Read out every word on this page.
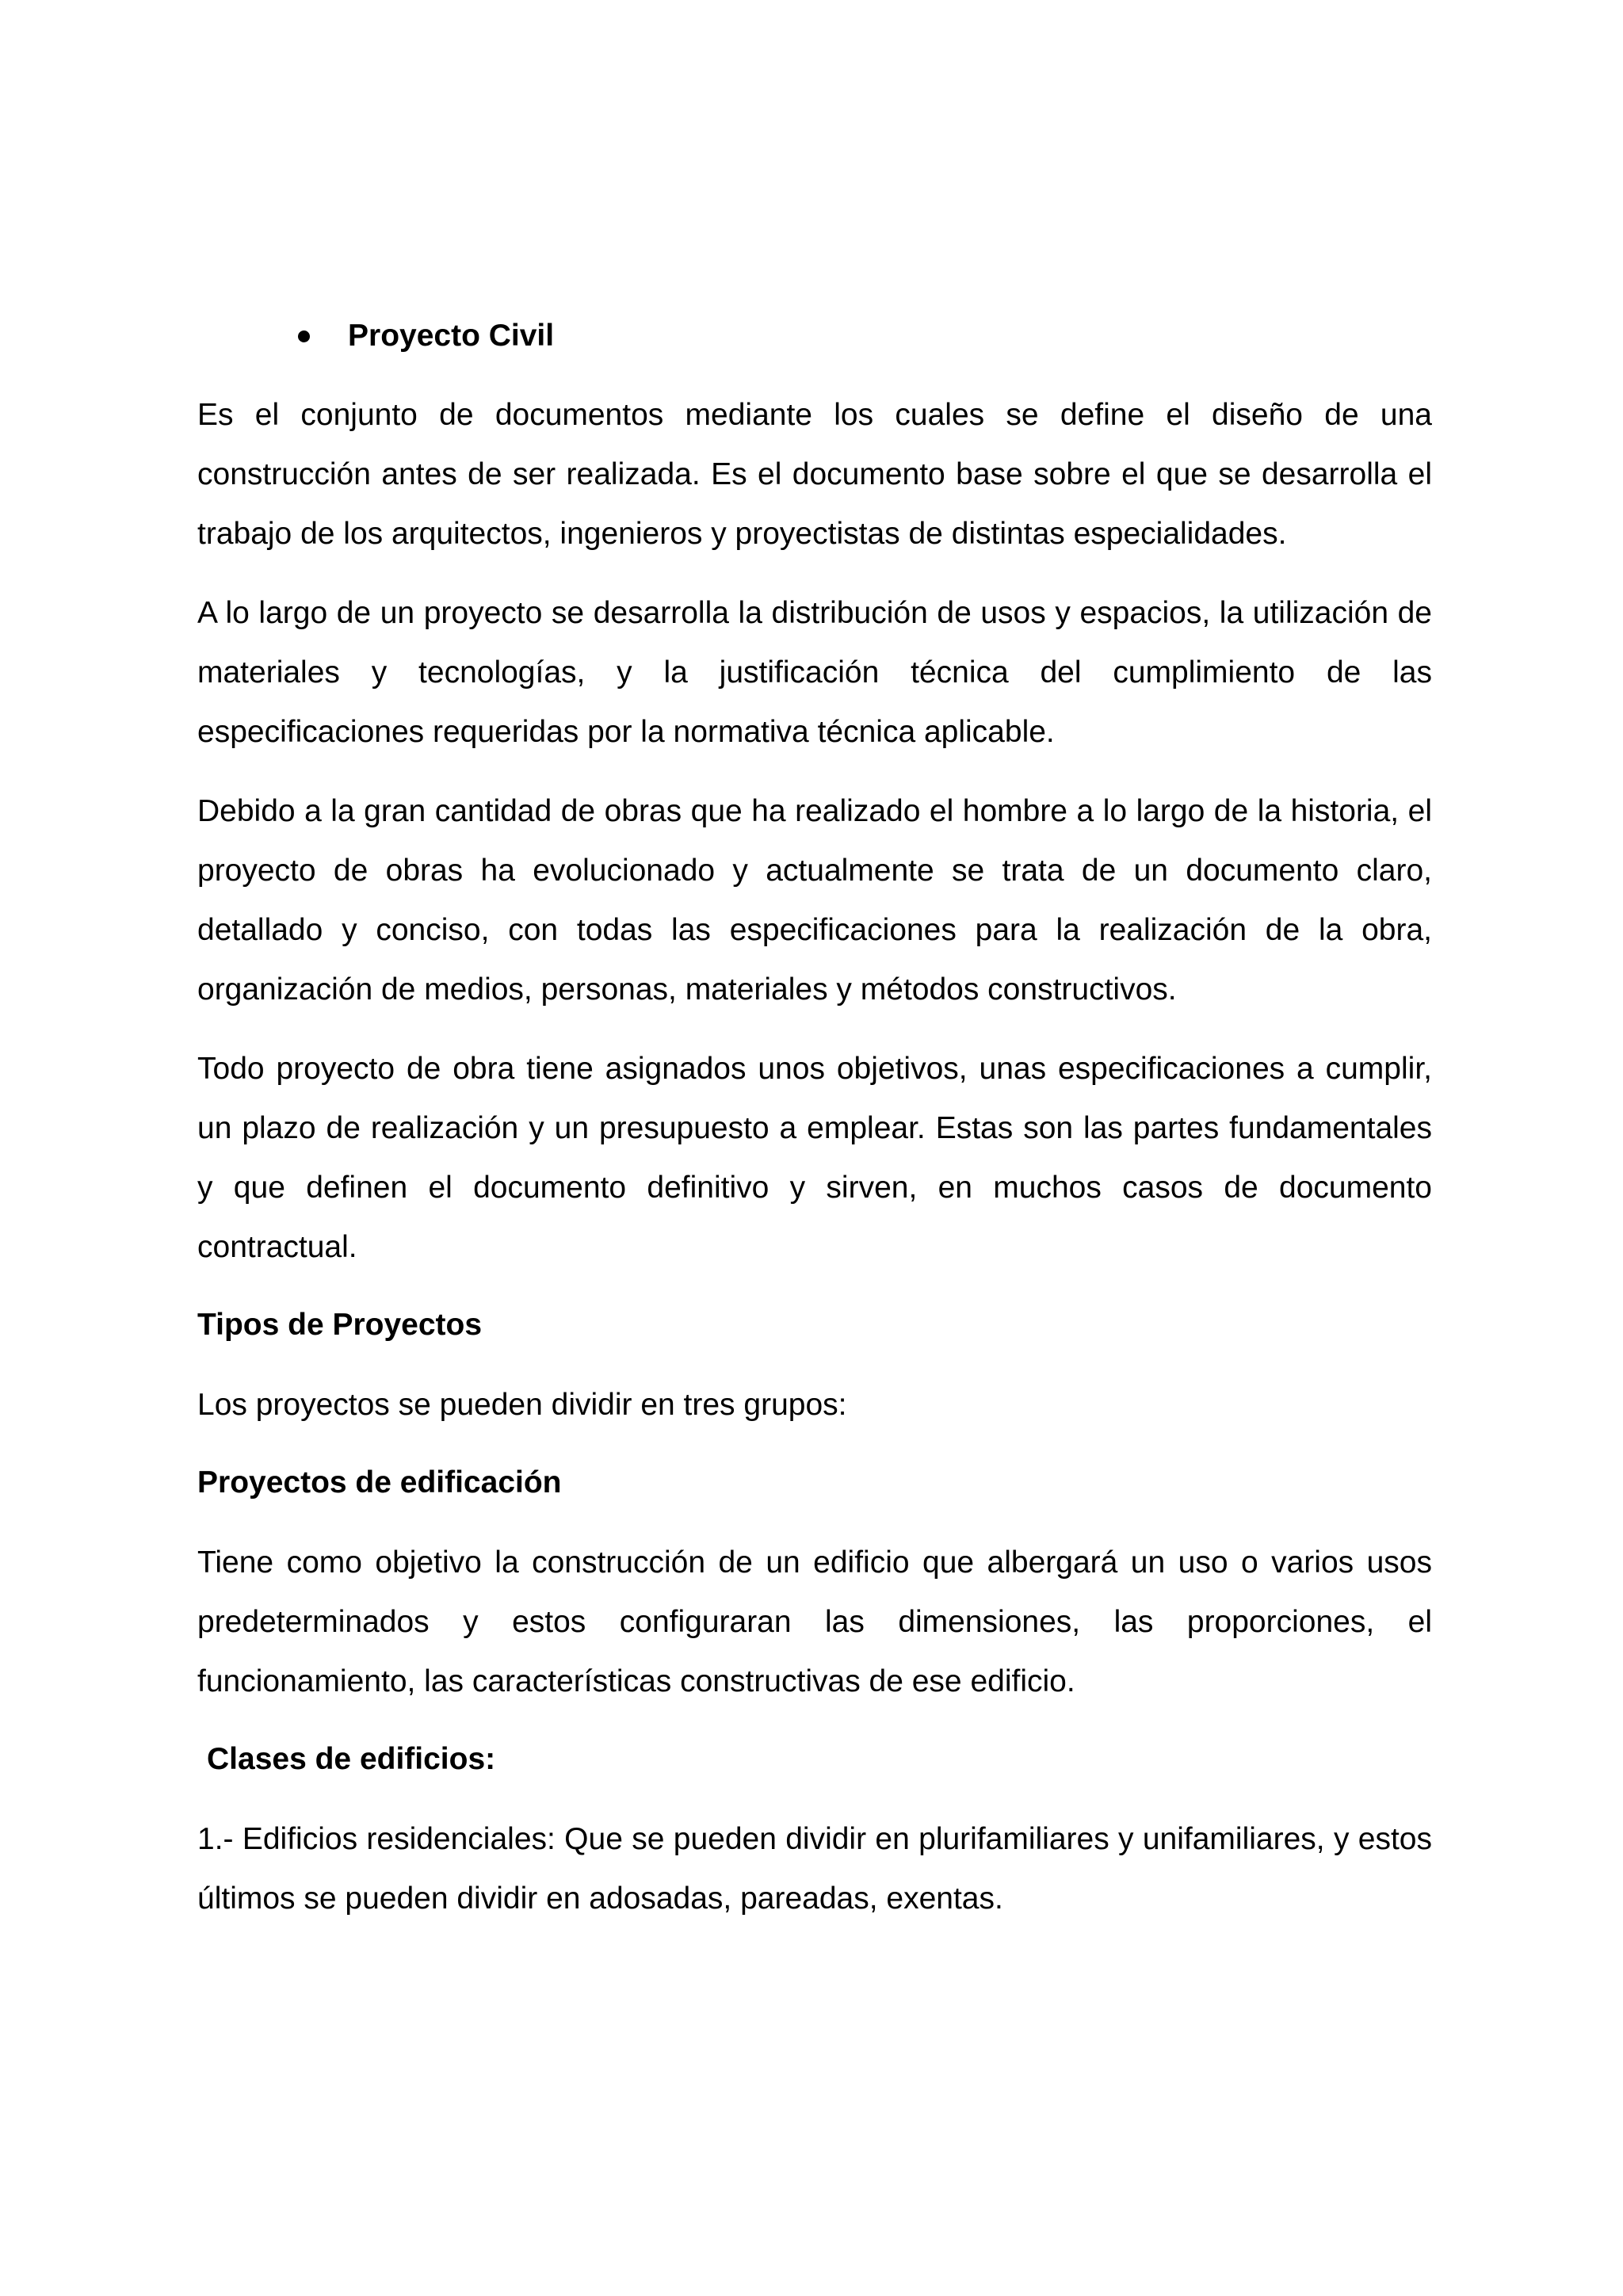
Proyecto Civil

Es el conjunto de documentos mediante los cuales se define el diseño de una construcción antes de ser realizada. Es el documento base sobre el que se desarrolla el trabajo de los arquitectos, ingenieros y proyectistas de distintas especialidades.

A lo largo de un proyecto se desarrolla la distribución de usos y espacios, la utilización de materiales y tecnologías, y la justificación técnica del cumplimiento de las especificaciones requeridas por la normativa técnica aplicable.

Debido a la gran cantidad de obras que ha realizado el hombre a lo largo de la historia, el proyecto de obras ha evolucionado y actualmente se trata de un documento claro, detallado y conciso, con todas las especificaciones para la realización de la obra, organización de medios, personas, materiales y métodos constructivos.

Todo proyecto de obra tiene asignados unos objetivos, unas especificaciones a cumplir, un plazo de realización y un presupuesto a emplear. Estas son las partes fundamentales y que definen el documento definitivo y sirven, en muchos casos de documento contractual.

Tipos de Proyectos

Los proyectos se pueden dividir en tres grupos:

Proyectos de edificación

Tiene como objetivo la construcción de un edificio que albergará un uso o varios usos predeterminados y estos configuraran las dimensiones, las proporciones, el funcionamiento, las características constructivas de ese edificio.

Clases de edificios:

1.- Edificios residenciales: Que se pueden dividir en plurifamiliares y unifamiliares, y estos últimos se pueden dividir en adosadas, pareadas, exentas.
